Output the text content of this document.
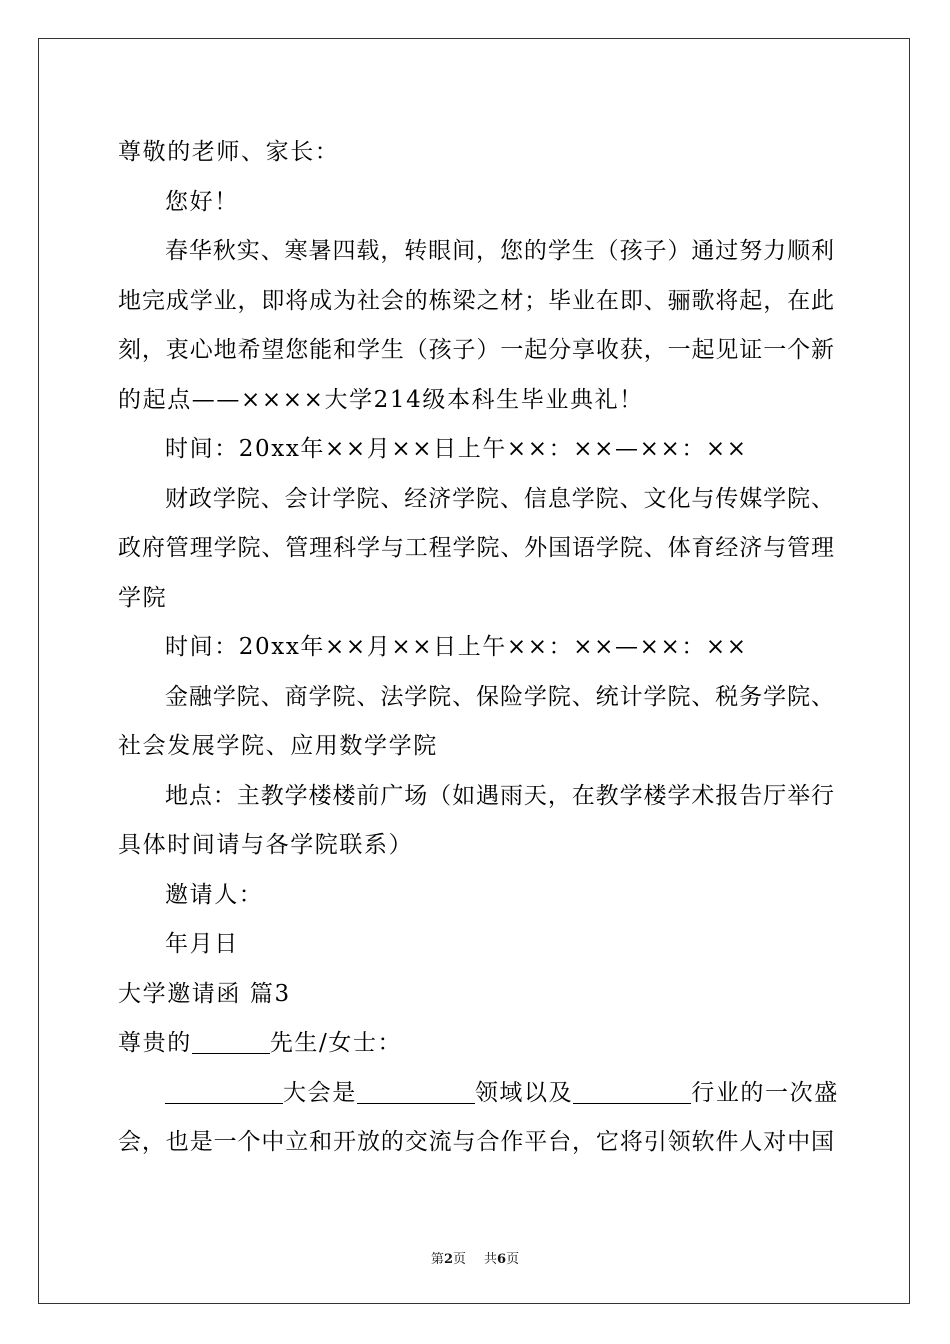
尊敬的老师、家长：
您好！
春华秋实、寒暑四载，转眼间，您的学生（孩子）通过努力顺利
地完成学业，即将成为社会的栋梁之材；毕业在即、骊歌将起，在此
刻，衷心地希望您能和学生（孩子）一起分享收获，一起见证一个新
的起点——××××大学214级本科生毕业典礼！
时间：20xx年××月××日上午××：××—××：××
财政学院、会计学院、经济学院、信息学院、文化与传媒学院、
政府管理学院、管理科学与工程学院、外国语学院、体育经济与管理
学院
时间：20xx年××月××日上午××：××—××：××
金融学院、商学院、法学院、保险学院、统计学院、税务学院、
社会发展学院、应用数学学院
地点：主教学楼楼前广场（如遇雨天，在教学楼学术报告厅举行
具体时间请与各学院联系）
邀请人：
年月日
大学邀请函 篇3
尊贵的	先生/女士：
大会是	领域以及	行业的一次盛
会，也是一个中立和开放的交流与合作平台，它将引领软件人对中国
第2页 共6页
